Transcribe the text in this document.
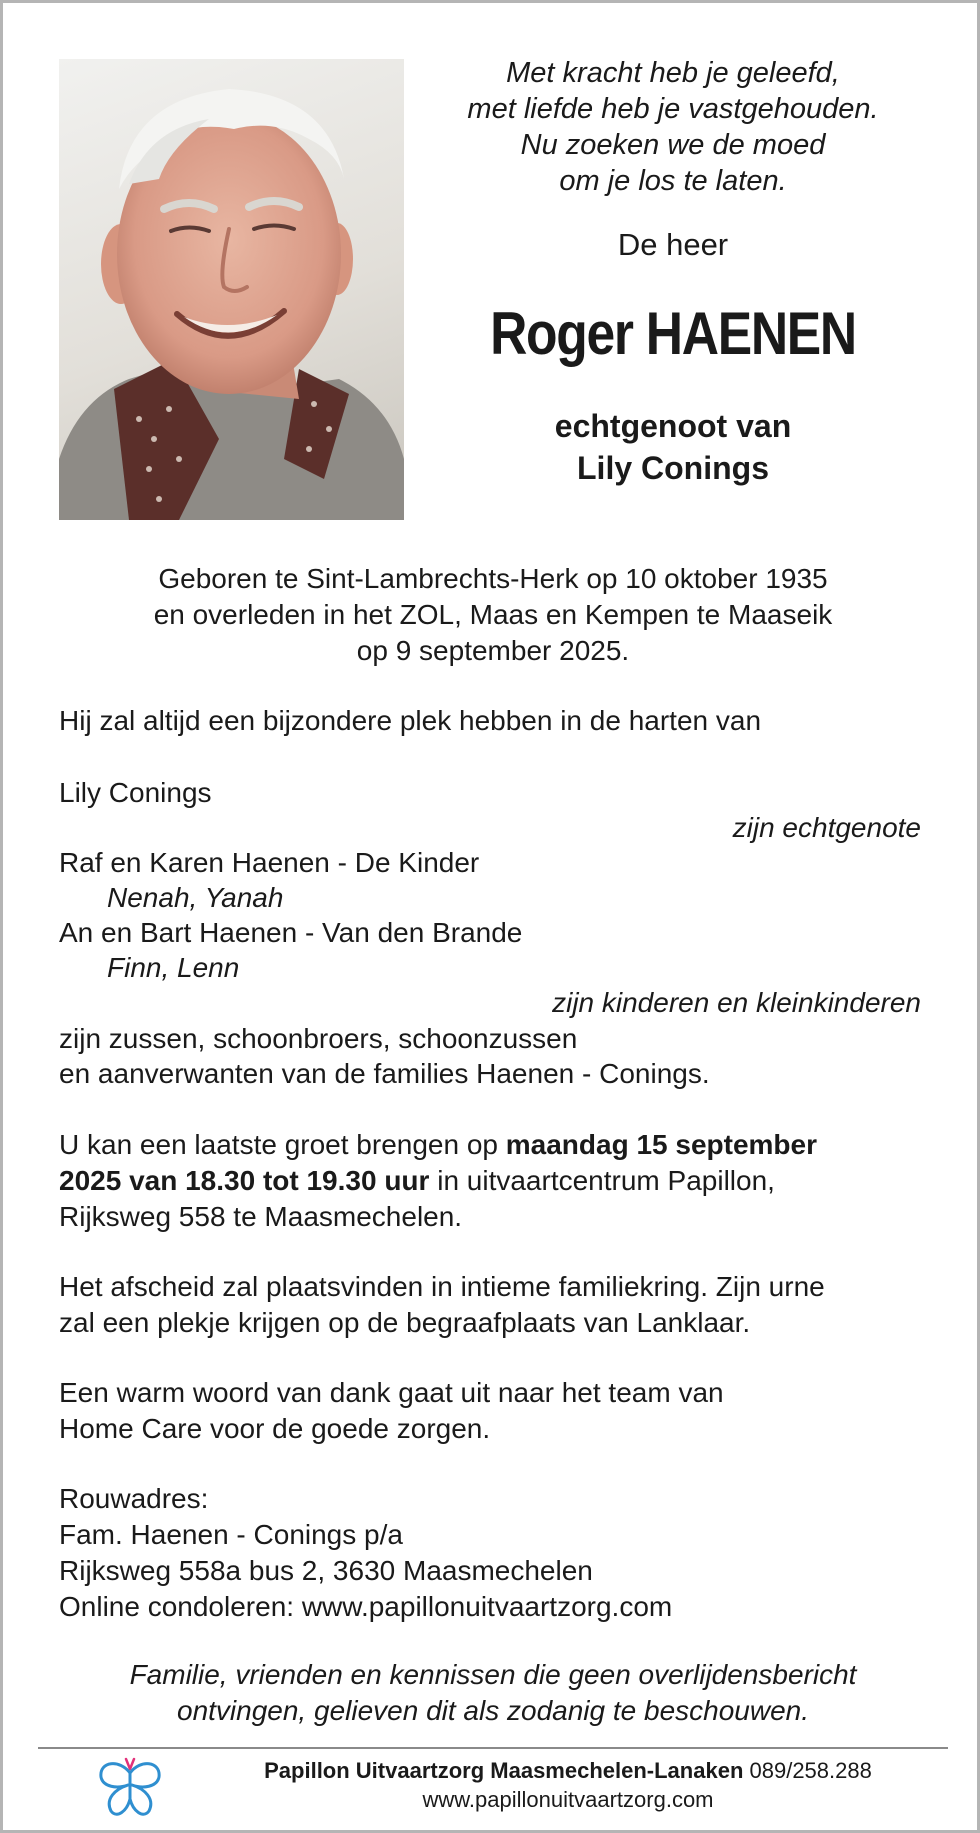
Met kracht heb je geleefd,
met liefde heb je vastgehouden.
Nu zoeken we de moed
om je los te laten.
De heer
Roger HAENEN
echtgenoot van
Lily Conings
Geboren te Sint-Lambrechts-Herk op 10 oktober 1935
en overleden in het ZOL, Maas en Kempen te Maaseik
op 9 september 2025.
Hij zal altijd een bijzondere plek hebben in de harten van
Lily Conings
zijn echtgenote
Raf en Karen Haenen - De Kinder
Nenah, Yanah
An en Bart Haenen - Van den Brande
Finn, Lenn
zijn kinderen en kleinkinderen
zijn zussen, schoonbroers, schoonzussen
en aanverwanten van de families Haenen - Conings.
U kan een laatste groet brengen op maandag 15 september
2025 van 18.30 tot 19.30 uur in uitvaartcentrum Papillon,
Rijksweg 558 te Maasmechelen.
Het afscheid zal plaatsvinden in intieme familiekring. Zijn urne
zal een plekje krijgen op de begraafplaats van Lanklaar.
Een warm woord van dank gaat uit naar het team van
Home Care voor de goede zorgen.
Rouwadres:
Fam. Haenen - Conings p/a
Rijksweg 558a bus 2, 3630 Maasmechelen
Online condoleren: www.papillonuitvaartzorg.com
Familie, vrienden en kennissen die geen overlijdensbericht
ontvingen, gelieven dit als zodanig te beschouwen.
Papillon Uitvaartzorg Maasmechelen-Lanaken 089/258.288
www.papillonuitvaartzorg.com
